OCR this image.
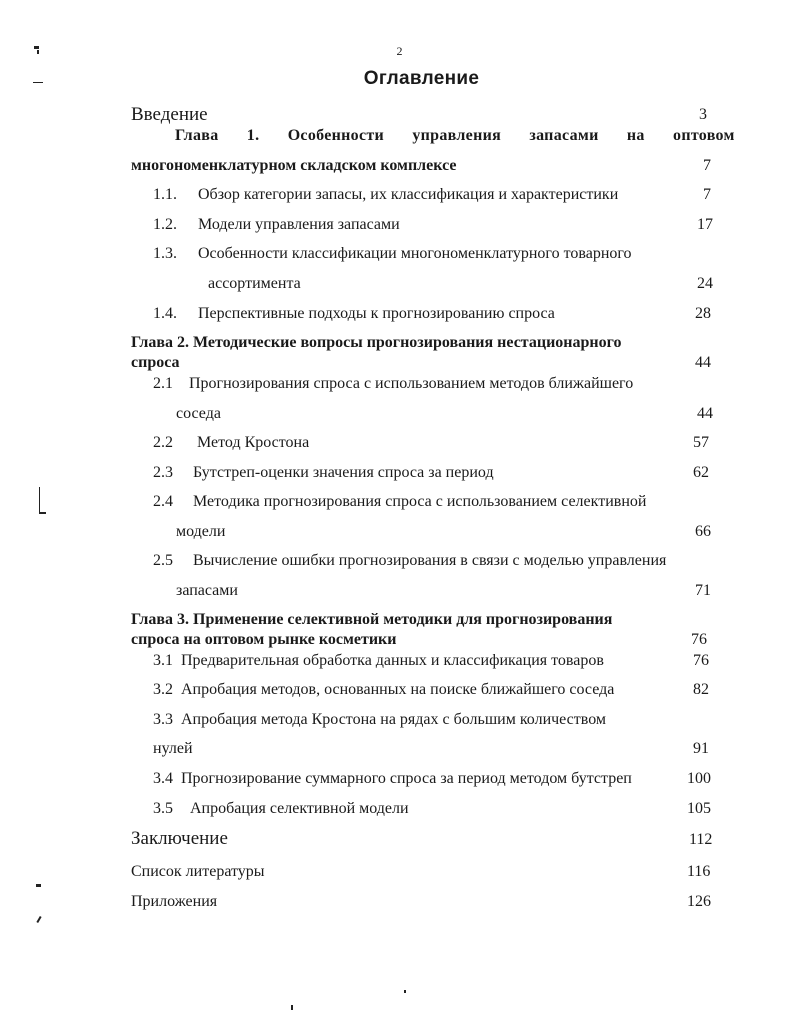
2
Оглавление
Введение	3
Глава 1. Особенности управления запасами на оптовом
многономенклатурном складском комплексе	7
1.1. Обзор категории запасы, их классификация и характеристики	7
1.2. Модели управления запасами	17
1.3. Особенности классификации многономенклатурного товарного
ассортимента	24
1.4. Перспективные подходы к прогнозированию спроса	28
Глава 2. Методические вопросы прогнозирования нестационарного
спроса	44
2.1 Прогнозирования спроса с использованием методов ближайшего
соседа	44
2.2 Метод Кростона	57
2.3 Бутстреп-оценки значения спроса за период	62
2.4 Методика прогнозирования спроса с использованием селективной
модели	66
2.5 Вычисление ошибки прогнозирования в связи с моделью управления
запасами	71
Глава 3. Применение селективной методики для прогнозирования
спроса на оптовом рынке косметики	76
3.1 Предварительная обработка данных и классификация товаров	76
3.2 Апробация методов, основанных на поиске ближайшего соседа	82
3.3 Апробация метода Кростона на рядах с большим количеством
нулей	91
3.4 Прогнозирование суммарного спроса за период методом бутстреп	100
3.5 Апробация селективной модели	105
Заключение	112
Список литературы	116
Приложения	126
